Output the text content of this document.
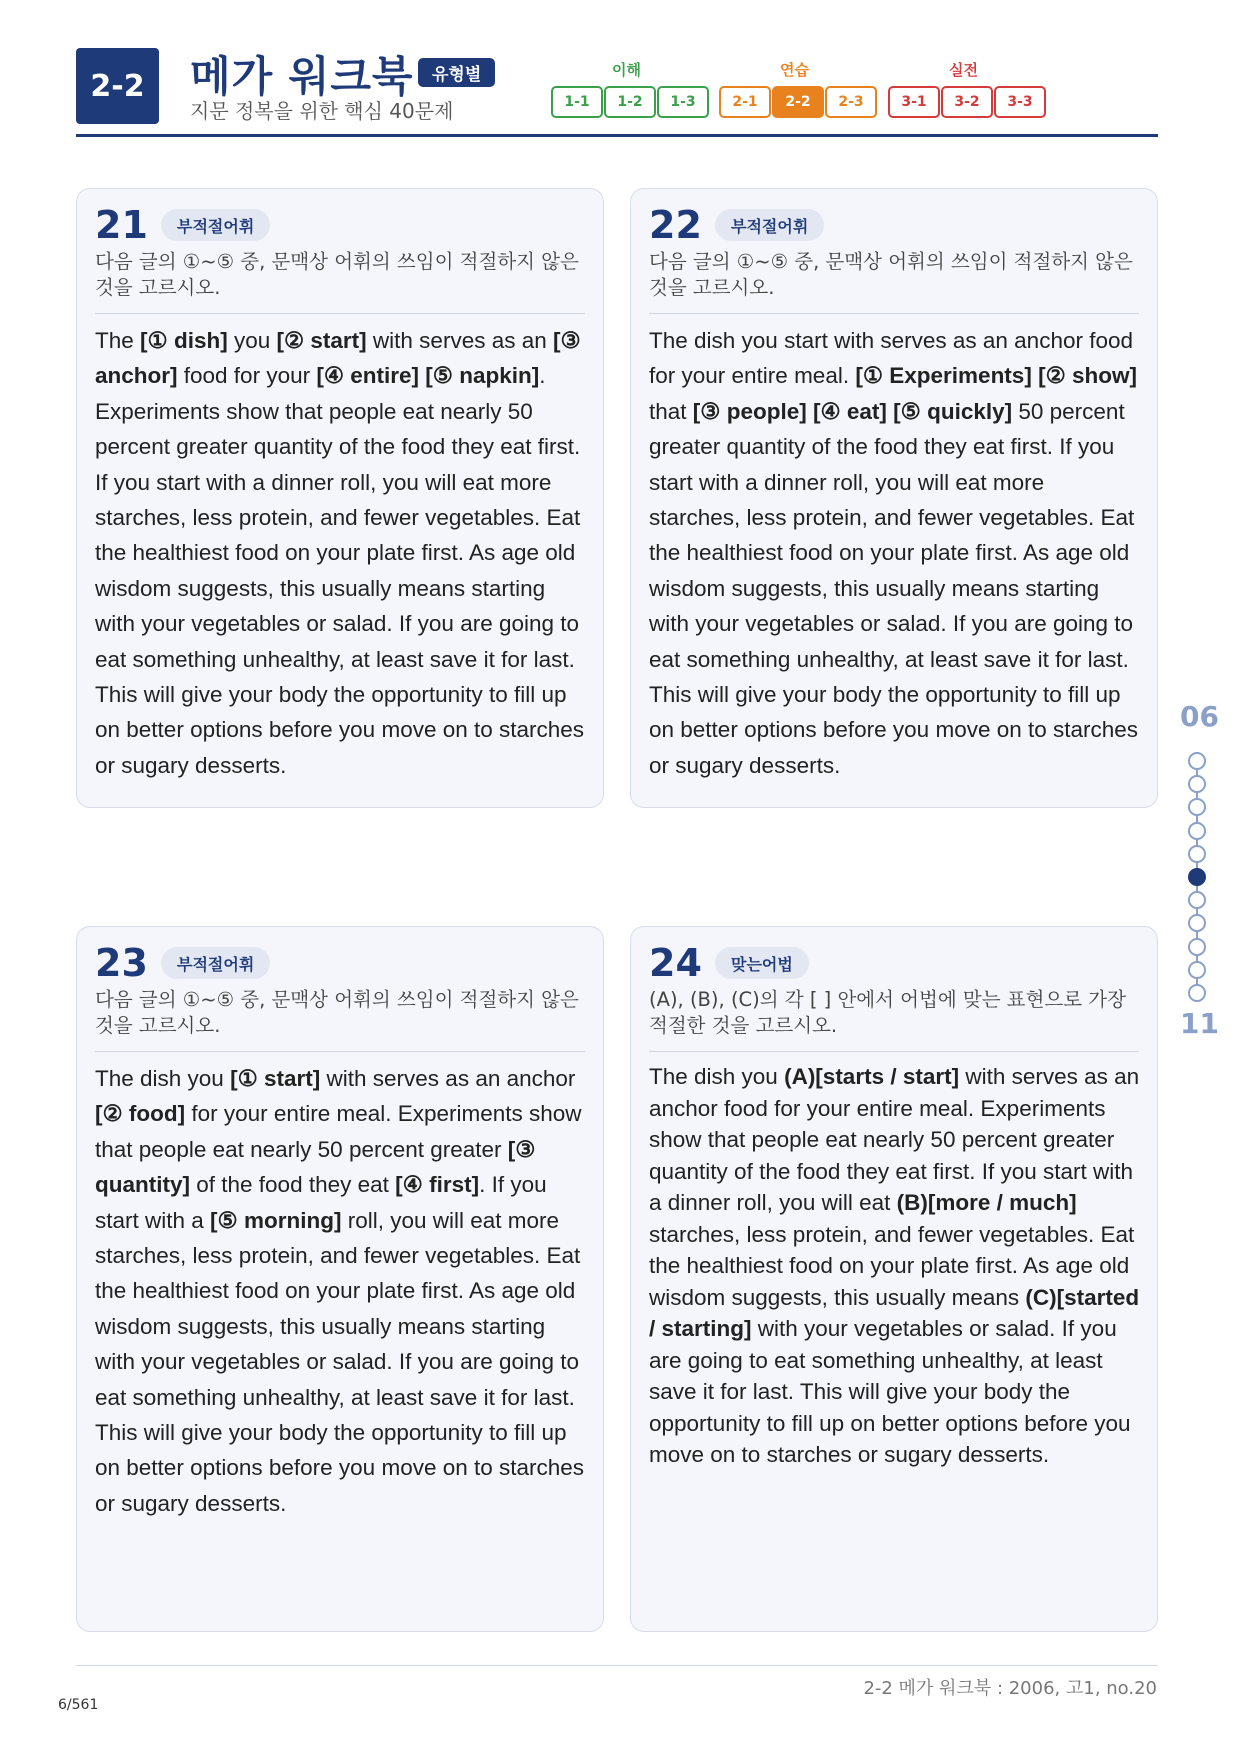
2-2	메가 워크북	유형별
지문 정복을 위한 핵심 40문제
이해
1-1	1-2	1-3
연습
2-1	2-2	2-3
실전
3-1	3-2	3-3
21	부적절어휘
다음 글의 ①~⑤ 중, 문맥상 어휘의 쓰임이 적절하지 않은 것을 고르시오.
The [① dish] you [② start] with serves as an [③ anchor] food for your [④ entire] [⑤ napkin]. Experiments show that people eat nearly 50 percent greater quantity of the food they eat first. If you start with a dinner roll, you will eat more starches, less protein, and fewer vegetables. Eat the healthiest food on your plate first. As age old wisdom suggests, this usually means starting with your vegetables or salad. If you are going to eat something unhealthy, at least save it for last. This will give your body the opportunity to fill up on better options before you move on to starches or sugary desserts.
22	부적절어휘
다음 글의 ①~⑤ 중, 문맥상 어휘의 쓰임이 적절하지 않은 것을 고르시오.
The dish you start with serves as an anchor food for your entire meal. [① Experiments] [② show] that [③ people] [④ eat] [⑤ quickly] 50 percent greater quantity of the food they eat first. If you start with a dinner roll, you will eat more starches, less protein, and fewer vegetables. Eat the healthiest food on your plate first. As age old wisdom suggests, this usually means starting with your vegetables or salad. If you are going to eat something unhealthy, at least save it for last. This will give your body the opportunity to fill up on better options before you move on to starches or sugary desserts.
23	부적절어휘
다음 글의 ①~⑤ 중, 문맥상 어휘의 쓰임이 적절하지 않은 것을 고르시오.
The dish you [① start] with serves as an anchor [② food] for your entire meal. Experiments show that people eat nearly 50 percent greater [③ quantity] of the food they eat [④ first]. If you start with a [⑤ morning] roll, you will eat more starches, less protein, and fewer vegetables. Eat the healthiest food on your plate first. As age old wisdom suggests, this usually means starting with your vegetables or salad. If you are going to eat something unhealthy, at least save it for last. This will give your body the opportunity to fill up on better options before you move on to starches or sugary desserts.
24	맞는어법
(A), (B), (C)의 각 [ ] 안에서 어법에 맞는 표현으로 가장 적절한 것을 고르시오.
The dish you (A)[starts / start] with serves as an anchor food for your entire meal. Experiments show that people eat nearly 50 percent greater quantity of the food they eat first. If you start with a dinner roll, you will eat (B)[more / much] starches, less protein, and fewer vegetables. Eat the healthiest food on your plate first. As age old wisdom suggests, this usually means (C)[started / starting] with your vegetables or salad. If you are going to eat something unhealthy, at least save it for last. This will give your body the opportunity to fill up on better options before you move on to starches or sugary desserts.
06
11
2-2 메가 워크북 : 2006, 고1, no.20
6/561
